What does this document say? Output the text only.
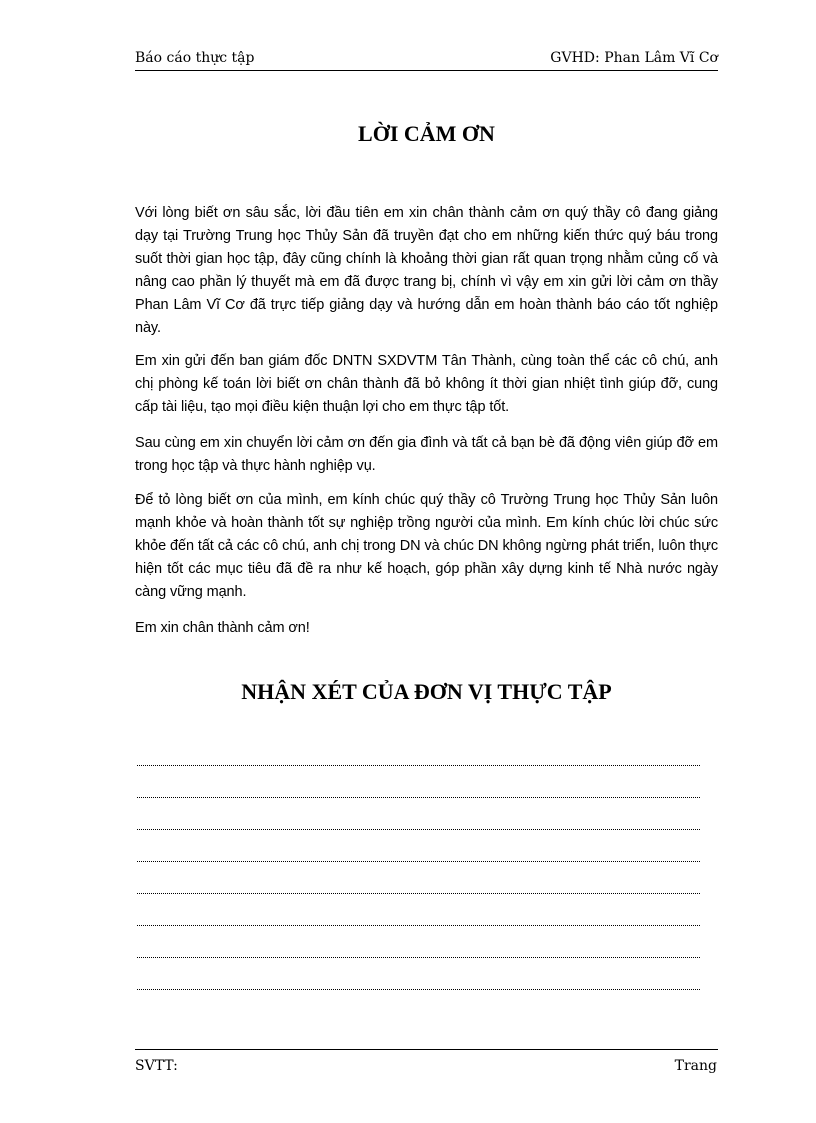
Báo cáo thực tập	GVHD: Phan Lâm Vĩ Cơ
LỜI CẢM ƠN
Với lòng biết ơn sâu sắc, lời đầu tiên em xin chân thành cảm ơn quý thầy cô đang giảng dạy tại Trường Trung học Thủy Sản đã truyền đạt cho em những kiến thức quý báu trong suốt thời gian học tập, đây cũng chính là khoảng thời gian rất quan trọng nhằm củng cố và nâng cao phần lý thuyết mà em đã được trang bị, chính vì vậy em xin gửi lời cảm ơn thầy Phan Lâm Vĩ Cơ đã trực tiếp giảng dạy và hướng dẫn em hoàn thành báo cáo tốt nghiệp này.
Em xin gửi đến ban giám đốc DNTN SXDVTM Tân Thành, cùng toàn thể các cô chú, anh chị phòng kế toán lời biết ơn chân thành đã bỏ không ít thời gian nhiệt tình giúp đỡ, cung cấp tài liệu, tạo mọi điều kiện thuận lợi cho em thực tập tốt.
Sau cùng em xin chuyển lời cảm ơn đến gia đình và tất cả bạn bè đã động viên giúp đỡ em trong học tập và thực hành nghiệp vụ.
Để tỏ lòng biết ơn của mình, em kính chúc quý thầy cô Trường Trung học Thủy Sản luôn mạnh khỏe và hoàn thành tốt sự nghiệp trồng người của mình. Em kính chúc lời chúc sức khỏe đến tất cả các cô chú, anh chị trong DN và chúc DN không ngừng phát triển, luôn thực hiện tốt các mục tiêu đã đề ra như kế hoạch, góp phần xây dựng kinh tế Nhà nước ngày càng vững mạnh.
Em xin chân thành cảm ơn!
NHẬN XÉT CỦA ĐƠN VỊ THỰC TẬP
SVTT:	Trang
